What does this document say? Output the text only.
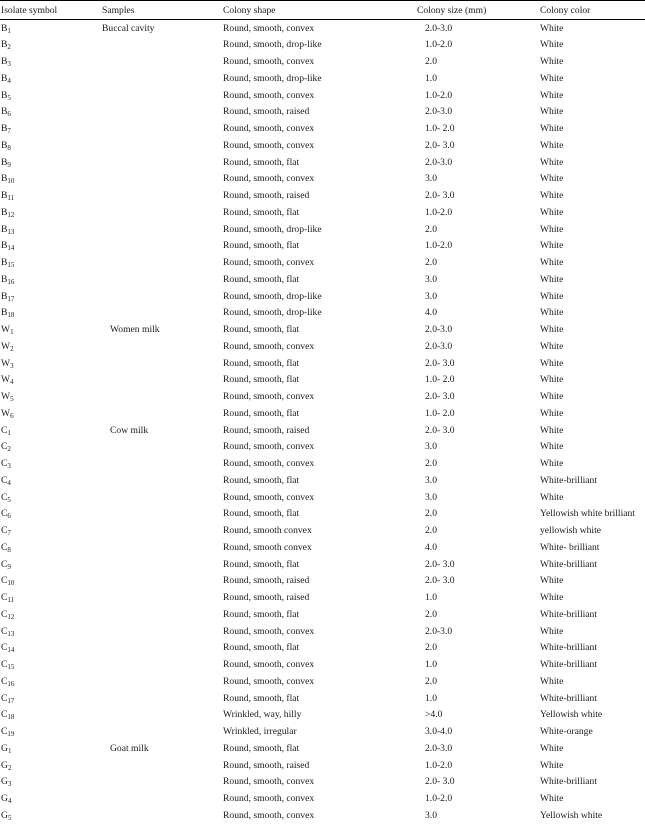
Isolate symbol	Samples	Colony shape	Colony size (mm)	Colony color
$B_1$	Buccal cavity	Round, smooth, convex	2.0-3.0	White
$B_2$		Round, smooth, drop-like	1.0-2.0	White
$B_3$		Round, smooth, convex	2.0	White
$B_4$		Round, smooth, drop-like	1.0	White
$B_5$		Round, smooth, convex	1.0-2.0	White
$B_6$		Round, smooth, raised	2.0-3.0	White
$B_7$		Round, smooth, convex	1.0- 2.0	White
$B_8$		Round, smooth, convex	2.0- 3.0	White
$B_9$		Round, smooth, flat	2.0-3.0	White
$B_{10}$		Round, smooth, convex	3.0	White
$B_{11}$		Round, smooth, raised	2.0- 3.0	White
$B_{12}$		Round, smooth, flat	1.0-2.0	White
$B_{13}$		Round, smooth, drop-like	2.0	White
$B_{14}$		Round, smooth, flat	1.0-2.0	White
$B_{15}$		Round, smooth, convex	2.0	White
$B_{16}$		Round, smooth, flat	3.0	White
$B_{17}$		Round, smooth, drop-like	3.0	White
$B_{18}$		Round, smooth, drop-like	4.0	White
$W_1$	Women milk	Round, smooth, flat	2.0-3.0	White
$W_2$		Round, smooth, convex	2.0-3.0	White
$W_3$		Round, smooth, flat	2.0- 3.0	White
$W_4$		Round, smooth, flat	1.0- 2.0	White
$W_5$		Round, smooth, convex	2.0- 3.0	White
$W_6$		Round, smooth, flat	1.0- 2.0	White
$C_1$	Cow milk	Round, smooth, raised	2.0- 3.0	White
$C_2$		Round, smooth, convex	3.0	White
$C_3$		Round, smooth, convex	2.0	White
$C_4$		Round, smooth, flat	3.0	White-brilliant
$C_5$		Round, smooth, convex	3.0	White
$C_6$		Round, smooth, flat	2.0	Yellowish white brilliant
$C_7$		Round, smooth convex	2.0	yellowish white
$C_8$		Round, smooth convex	4.0	White- brilliant
$C_9$		Round, smooth, flat	2.0- 3.0	White-brilliant
$C_{10}$		Round, smooth, raised	2.0- 3.0	White
$C_{11}$		Round, smooth, raised	1.0	White
$C_{12}$		Round, smooth, flat	2.0	White-brilliant
$C_{13}$		Round, smooth, convex	2.0-3.0	White
$C_{14}$		Round, smooth, flat	2.0	White-brilliant
$C_{15}$		Round, smooth, convex	1.0	White-brilliant
$C_{16}$		Round, smooth, convex	2.0	White
$C_{17}$		Round, smooth, flat	1.0	White-brilliant
$C_{18}$		Wrinkled, way, hilly	>4.0	Yellowish white
$C_{19}$		Wrinkled, irregular	3.0-4.0	White-orange
$G_1$	Goat milk	Round, smooth, flat	2.0-3.0	White
$G_2$		Round, smooth, raised	1.0-2.0	White
$G_3$		Round, smooth, convex	2.0- 3.0	White-brilliant
$G_4$		Round, smooth, convex	1.0-2.0	White
$G_5$		Round, smooth, convex	3.0	Yellowish white
